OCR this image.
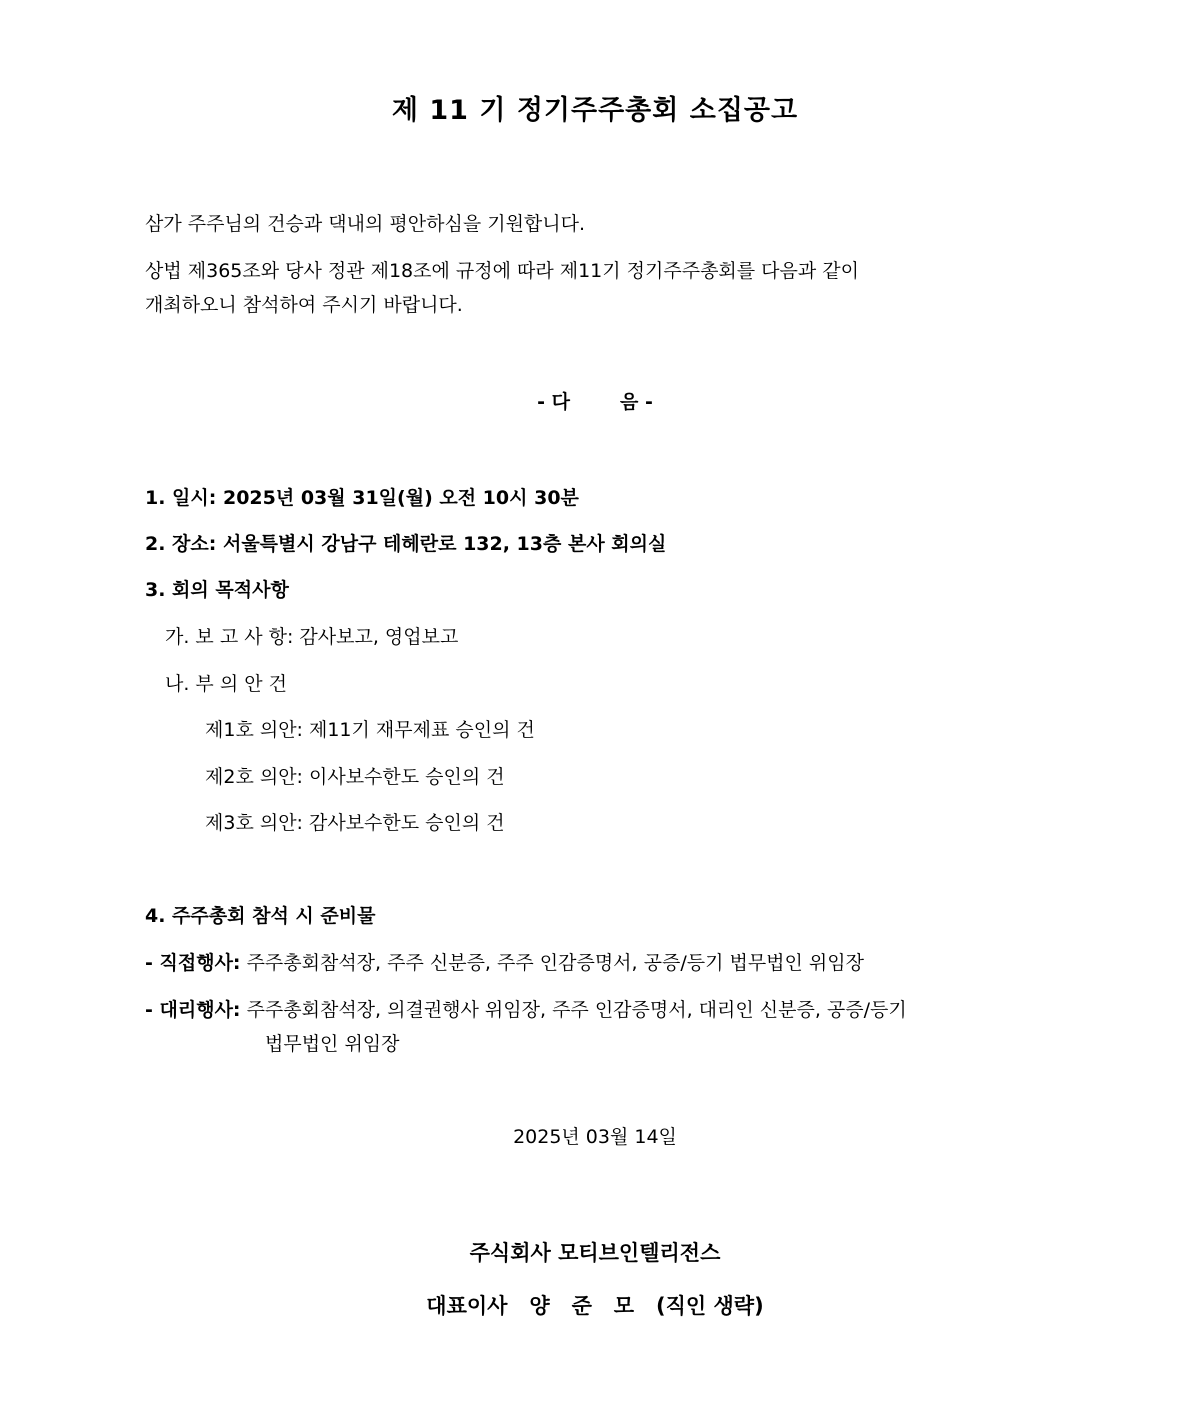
제 11 기 정기주주총회 소집공고
삼가 주주님의 건승과 댁내의 평안하심을 기원합니다.
상법 제365조와 당사 정관 제18조에 규정에 따라 제11기 정기주주총회를 다음과 같이
개최하오니 참석하여 주시기 바랍니다.
- 다	음 -
1. 일시: 2025년 03월 31일(월) 오전 10시 30분
2. 장소: 서울특별시 강남구 테헤란로 132, 13층 본사 회의실
3. 회의 목적사항
가. 보 고 사 항: 감사보고, 영업보고
나. 부 의 안 건
제1호 의안: 제11기 재무제표 승인의 건
제2호 의안: 이사보수한도 승인의 건
제3호 의안: 감사보수한도 승인의 건
4. 주주총회 참석 시 준비물
- 직접행사: 주주총회참석장, 주주 신분증, 주주 인감증명서, 공증/등기 법무법인 위임장
- 대리행사: 주주총회참석장, 의결권행사 위임장, 주주 인감증명서, 대리인 신분증, 공증/등기
법무법인 위임장
2025년 03월 14일
주식회사 모티브인텔리전스
대표이사   양   준   모   (직인 생략)
